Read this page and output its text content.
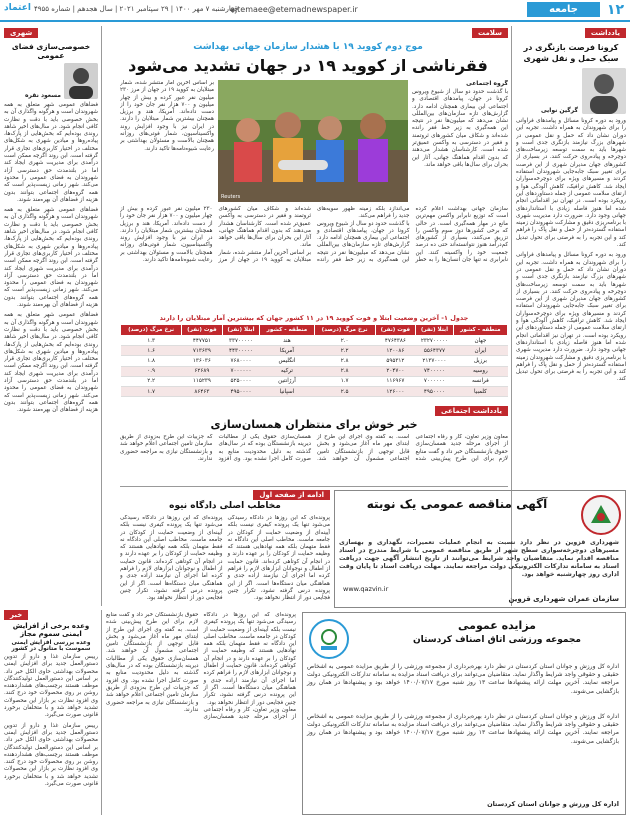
۱۲
جامعه
ejtemaee@etemadnewspaper.ir
چهارشنبه ۷ مهر ۱۴۰۰ | ۲۹ سپتامبر ۲۰۲۱ | سال هجدهم | شماره ۴۹۵۵
اعتماد
یادداشت
کرونا فرصت بازنگری در سبک حمل و نقل شهری
گرگین نوایی
ورود به دوره کرونا مسائل و پیامدهای فراوانی را برای شهروندان به همراه داشت. تجربه این دوران نشان داد که حمل و نقل عمومی در شهرهای بزرگ نیازمند بازنگری جدی است و شهرها باید به سمت توسعه زیرساخت‌های دوچرخه و پیاده‌روی حرکت کنند. در بسیاری از کشورهای جهان مدیران شهری از این فرصت برای تغییر سبک جابه‌جایی شهروندان استفاده کردند و مسیرهای ویژه برای دوچرخه‌سواران ایجاد شد. کاهش ترافیک، کاهش آلودگی هوا و ارتقای سلامت عمومی از جمله دستاوردهای این رویکرد بوده است. در تهران نیز اقداماتی انجام شده اما هنوز فاصله زیادی با استانداردهای جهانی وجود دارد. ضرورت دارد مدیریت شهری با برنامه‌ریزی دقیق و مشارکت شهروندان زمینه استفاده گسترده‌تر از حمل و نقل پاک را فراهم کند و این تجربه را به فرصتی برای تحول تبدیل کند.
ورود به دوره کرونا مسائل و پیامدهای فراوانی را برای شهروندان به همراه داشت. تجربه این دوران نشان داد که حمل و نقل عمومی در شهرهای بزرگ نیازمند بازنگری جدی است و شهرها باید به سمت توسعه زیرساخت‌های دوچرخه و پیاده‌روی حرکت کنند. در بسیاری از کشورهای جهان مدیران شهری از این فرصت برای تغییر سبک جابه‌جایی شهروندان استفاده کردند و مسیرهای ویژه برای دوچرخه‌سواران ایجاد شد. کاهش ترافیک، کاهش آلودگی هوا و ارتقای سلامت عمومی از جمله دستاوردهای این رویکرد بوده است. در تهران نیز اقداماتی انجام شده اما هنوز فاصله زیادی با استانداردهای جهانی وجود دارد. ضرورت دارد مدیریت شهری با برنامه‌ریزی دقیق و مشارکت شهروندان زمینه استفاده گسترده‌تر از حمل و نقل پاک را فراهم کند و این تجربه را به فرصتی برای تحول تبدیل کند.
شهری
خصوصی‌سازی فضای عمومی
مسعود نقره
فضاهای عمومی شهر متعلق به همه شهروندان است و هرگونه واگذاری آن به بخش خصوصی باید با دقت و نظارت کافی انجام شود. در سال‌های اخیر شاهد روندی بوده‌ایم که بخش‌هایی از پارک‌ها، پیاده‌روها و میادین شهری به شکل‌های مختلف در اختیار کاربری‌های تجاری قرار گرفته است. این روند اگرچه ممکن است درآمدی برای مدیریت شهری ایجاد کند اما در بلندمدت حق دسترسی آزاد شهروندان به فضای عمومی را محدود می‌کند. شهر زمانی زیست‌پذیر است که همه گروه‌های اجتماعی بتوانند بدون هزینه از فضاهای آن بهره‌مند شوند.
فضاهای عمومی شهر متعلق به همه شهروندان است و هرگونه واگذاری آن به بخش خصوصی باید با دقت و نظارت کافی انجام شود. در سال‌های اخیر شاهد روندی بوده‌ایم که بخش‌هایی از پارک‌ها، پیاده‌روها و میادین شهری به شکل‌های مختلف در اختیار کاربری‌های تجاری قرار گرفته است. این روند اگرچه ممکن است درآمدی برای مدیریت شهری ایجاد کند اما در بلندمدت حق دسترسی آزاد شهروندان به فضای عمومی را محدود می‌کند. شهر زمانی زیست‌پذیر است که همه گروه‌های اجتماعی بتوانند بدون هزینه از فضاهای آن بهره‌مند شوند.
فضاهای عمومی شهر متعلق به همه شهروندان است و هرگونه واگذاری آن به بخش خصوصی باید با دقت و نظارت کافی انجام شود. در سال‌های اخیر شاهد روندی بوده‌ایم که بخش‌هایی از پارک‌ها، پیاده‌روها و میادین شهری به شکل‌های مختلف در اختیار کاربری‌های تجاری قرار گرفته است. این روند اگرچه ممکن است درآمدی برای مدیریت شهری ایجاد کند اما در بلندمدت حق دسترسی آزاد شهروندان به فضای عمومی را محدود می‌کند. شهر زمانی زیست‌پذیر است که همه گروه‌های اجتماعی بتوانند بدون هزینه از فضاهای آن بهره‌مند شوند.
سلامت
موج دوم کووید ۱۹ با هشدار سازمان جهانی بهداشت
فقرناشی از کووید ۱۹ در جهان تشدید می‌شود
گروه اجتماعی
با گذشت حدود دو سال از شیوع ویروس کرونا در جهان، پیامدهای اقتصادی و اجتماعی این بیماری همچنان ادامه دارد. گزارش‌های تازه سازمان‌های بین‌المللی نشان می‌دهد که میلیون‌ها نفر در نتیجه این همه‌گیری به زیر خط فقر رانده شده‌اند و شکاف میان کشورهای ثروتمند و فقیر در دسترسی به واکسن عمیق‌تر شده است. کارشناسان هشدار می‌دهند که بدون اقدام هماهنگ جهانی، آثار این بحران برای سال‌ها باقی خواهد ماند.
Reuters
بر اساس آخرین آمار منتشر شده، شمار مبتلایان به کووید ۱۹ در جهان از مرز ۲۳۰ میلیون نفر عبور کرده و بیش از چهار میلیون و ۷۰۰ هزار نفر جان خود را از دست داده‌اند. آمریکا، هند و برزیل همچنان بیشترین شمار مبتلایان را دارند. در ایران نیز با وجود افزایش روند واکسیناسیون، شمار فوتی‌های روزانه همچنان بالاست و مسئولان بهداشتی بر رعایت شیوه‌نامه‌ها تاکید دارند.
سازمان جهانی بهداشت اعلام کرده است که توزیع نابرابر واکسن مهم‌ترین مانع در مهار همه‌گیری است. در حالی که برخی کشورها دوز سوم واکسن را تزریق می‌کنند، بسیاری از کشورهای کم‌درآمد هنوز نتوانسته‌اند حتی ده درصد جمعیت خود را واکسینه کنند. این نابرابری نه تنها جان انسان‌ها را به خطر می‌اندازد بلکه زمینه ظهور سویه‌های جدید را فراهم می‌کند.
با گذشت حدود دو سال از شیوع ویروس کرونا در جهان، پیامدهای اقتصادی و اجتماعی این بیماری همچنان ادامه دارد. گزارش‌های تازه سازمان‌های بین‌المللی نشان می‌دهد که میلیون‌ها نفر در نتیجه این همه‌گیری به زیر خط فقر رانده شده‌اند و شکاف میان کشورهای ثروتمند و فقیر در دسترسی به واکسن عمیق‌تر شده است. کارشناسان هشدار می‌دهند که بدون اقدام هماهنگ جهانی، آثار این بحران برای سال‌ها باقی خواهد ماند.
بر اساس آخرین آمار منتشر شده، شمار مبتلایان به کووید ۱۹ در جهان از مرز ۲۳۰ میلیون نفر عبور کرده و بیش از چهار میلیون و ۷۰۰ هزار نفر جان خود را از دست داده‌اند. آمریکا، هند و برزیل همچنان بیشترین شمار مبتلایان را دارند. در ایران نیز با وجود افزایش روند واکسیناسیون، شمار فوتی‌های روزانه همچنان بالاست و مسئولان بهداشتی بر رعایت شیوه‌نامه‌ها تاکید دارند.
جدول ۱- آخرین وضعیت ابتلا و فوت کووید ۱۹ در ۱۱ کشور جهان که بیشترین آمار مبتلایان را دارند
منطقه - کشور	ابتلا (نفر)	فوت (نفر)	نرخ مرگ (درصد)	منطقه - کشور	ابتلا (نفر)	فوت (نفر)	نرخ مرگ (درصد)
جهان	۲۳۲۷۰۰۰۰۰	۴۷۶۴۳۸۶	۲.۰	هند	۳۳۷۰۰۰۰۰	۴۴۷۷۵۱	۱.۳
ایران	۵۵۶۴۳۷۷	۱۲۰۰۸۶	۲.۲	آمریکا	۴۴۳۰۰۰۰۰	۷۱۳۶۳۹	۱.۶
برزیل	۲۱۳۷۰۰۰۰	۵۹۵۳۱۲	۲.۸	انگلیس	۷۶۸۰۰۰۰	۱۳۶۰۳۶	۱.۸
روسیه	۷۴۰۰۰۰۰	۲۰۴۷۰۰	۲.۸	ترکیه	۷۰۰۰۰۰۰	۶۲۶۸۹	۰.۹
فرانسه	۷۰۰۰۰۰۰	۱۱۶۹۶۷	۱.۷	آرژانتین	۵۲۵۰۰۰۰	۱۱۵۲۳۹	۲.۲
کلمبیا	۴۹۵۰۰۰۰	۱۲۶۰۰۰	۲.۵	اسپانیا	۴۹۵۰۰۰۰	۸۶۴۶۳	۱.۷
یادداشت اجتماعی
خبر خوش برای منتظران همسان‌سازی
معاون وزیر تعاون، کار و رفاه اجتماعی از اجرای مرحله جدید همسان‌سازی حقوق بازنشستگان خبر داد و گفت منابع لازم برای این طرح پیش‌بینی شده است. به گفته وی اجرای این طرح از ابتدای مهر ماه آغاز می‌شود و بخش قابل توجهی از بازنشستگان تامین اجتماعی مشمول آن خواهند شد. همسان‌سازی حقوق یکی از مطالبات دیرینه بازنشستگان بوده که در سال‌های گذشته به دلیل محدودیت منابع به صورت کامل اجرا نشده بود. وی افزود که جزییات این طرح به‌زودی از طریق سازمان تامین اجتماعی اعلام خواهد شد و بازنشستگان نیازی به مراجعه حضوری ندارند.
ادامه از صفحه اول
مخاطب اصلی دادگاه نیوه
پرونده‌ای که این روزها در دادگاه رسیدگی می‌شود تنها یک پرونده کیفری نیست بلکه آیینه‌ای از وضعیت حمایت از کودکان در جامعه ماست. مخاطب اصلی این دادگاه نه فقط متهمان بلکه همه نهادهایی هستند که وظیفه حمایت از کودکان را بر عهده دارند و در انجام آن کوتاهی کرده‌اند. قانون حمایت از اطفال و نوجوانان ابزارهای لازم را فراهم کرده اما اجرای آن نیازمند اراده جدی و هماهنگی میان دستگاه‌ها است. اگر از این پرونده درس گرفته نشود، تکرار چنین فجایعی دور از انتظار نخواهد بود.
پرونده‌ای که این روزها در دادگاه رسیدگی می‌شود تنها یک پرونده کیفری نیست بلکه آیینه‌ای از وضعیت حمایت از کودکان در جامعه ماست. مخاطب اصلی این دادگاه نه فقط متهمان بلکه همه نهادهایی هستند که وظیفه حمایت از کودکان را بر عهده دارند و در انجام آن کوتاهی کرده‌اند. قانون حمایت از اطفال و نوجوانان ابزارهای لازم را فراهم کرده اما اجرای آن نیازمند اراده جدی و هماهنگی میان دستگاه‌ها است. اگر از این پرونده درس گرفته نشود، تکرار چنین فجایعی دور از انتظار نخواهد بود.
آگهی مناقصه عمومی یک نوبته
شهرداری قزوین در نظر دارد نسبت به انجام عملیات تعمیرات، نگهداری و بهسازی مسیرهای دوچرخه‌سواری سطح شهر از طریق مناقصه عمومی با شرایط مندرج در اسناد مناقصه اقدام نماید. متقاضیان واجد شرایط می‌توانند از تاریخ انتشار آگهی جهت دریافت اسناد به سامانه تدارکات الکترونیکی دولت مراجعه نمایند. مهلت دریافت اسناد تا پایان وقت اداری روز چهارشنبه خواهد بود.
www.qazvin.ir
سازمان عمران شهرداری قزوین
خبر
وعده برخی از افزایش ایمنی سموم مجاز
وعده بررسی افزایش ایمنی سموست با متانول در کشور
رییس سازمان غذا و دارو از تدوین دستورالعمل جدید برای افزایش ایمنی محصولات بهداشتی حاوی الکل خبر داد. بر اساس این دستورالعمل تولیدکنندگان موظف هستند برچسب‌های هشداردهنده روشن بر روی محصولات خود درج کنند. وی افزود نظارت بر بازار این محصولات تشدید خواهد شد و با متخلفان برخورد قانونی صورت می‌گیرد.
رییس سازمان غذا و دارو از تدوین دستورالعمل جدید برای افزایش ایمنی محصولات بهداشتی حاوی الکل خبر داد. بر اساس این دستورالعمل تولیدکنندگان موظف هستند برچسب‌های هشداردهنده روشن بر روی محصولات خود درج کنند. وی افزود نظارت بر بازار این محصولات تشدید خواهد شد و با متخلفان برخورد قانونی صورت می‌گیرد.
پرونده‌ای که این روزها در دادگاه رسیدگی می‌شود تنها یک پرونده کیفری نیست بلکه آیینه‌ای از وضعیت حمایت از کودکان در جامعه ماست. مخاطب اصلی این دادگاه نه فقط متهمان بلکه همه نهادهایی هستند که وظیفه حمایت از کودکان را بر عهده دارند و در انجام آن کوتاهی کرده‌اند. قانون حمایت از اطفال و نوجوانان ابزارهای لازم را فراهم کرده اما اجرای آن نیازمند اراده جدی و هماهنگی میان دستگاه‌ها است. اگر از این پرونده درس گرفته نشود، تکرار چنین فجایعی دور از انتظار نخواهد بود.
معاون وزیر تعاون، کار و رفاه اجتماعی از اجرای مرحله جدید همسان‌سازی حقوق بازنشستگان خبر داد و گفت منابع لازم برای این طرح پیش‌بینی شده است. به گفته وی اجرای این طرح از ابتدای مهر ماه آغاز می‌شود و بخش قابل توجهی از بازنشستگان تامین اجتماعی مشمول آن خواهند شد. همسان‌سازی حقوق یکی از مطالبات دیرینه بازنشستگان بوده که در سال‌های گذشته به دلیل محدودیت منابع به صورت کامل اجرا نشده بود. وی افزود که جزییات این طرح به‌زودی از طریق سازمان تامین اجتماعی اعلام خواهد شد و بازنشستگان نیازی به مراجعه حضوری ندارند.
مزایده عمومی
مجموعه ورزشی اتاق اصناف کردستان
اداره کل ورزش و جوانان استان کردستان در نظر دارد بهره‌برداری از مجموعه ورزشی را از طریق مزایده عمومی به اشخاص حقیقی و حقوقی واجد شرایط واگذار نماید. متقاضیان می‌توانند برای دریافت اسناد مزایده به سامانه تدارکات الکترونیکی دولت مراجعه نمایند. آخرین مهلت ارائه پیشنهادها ساعت ۱۳ روز شنبه مورخ ۱۴۰۰/۰۷/۱۷ خواهد بود و پیشنهادها در همان روز بازگشایی می‌شوند.
اداره کل ورزش و جوانان استان کردستان در نظر دارد بهره‌برداری از مجموعه ورزشی را از طریق مزایده عمومی به اشخاص حقیقی و حقوقی واجد شرایط واگذار نماید. متقاضیان می‌توانند برای دریافت اسناد مزایده به سامانه تدارکات الکترونیکی دولت مراجعه نمایند. آخرین مهلت ارائه پیشنهادها ساعت ۱۳ روز شنبه مورخ ۱۴۰۰/۰۷/۱۷ خواهد بود و پیشنهادها در همان روز بازگشایی می‌شوند.
اداره کل ورزش و جوانان استان کردستان
